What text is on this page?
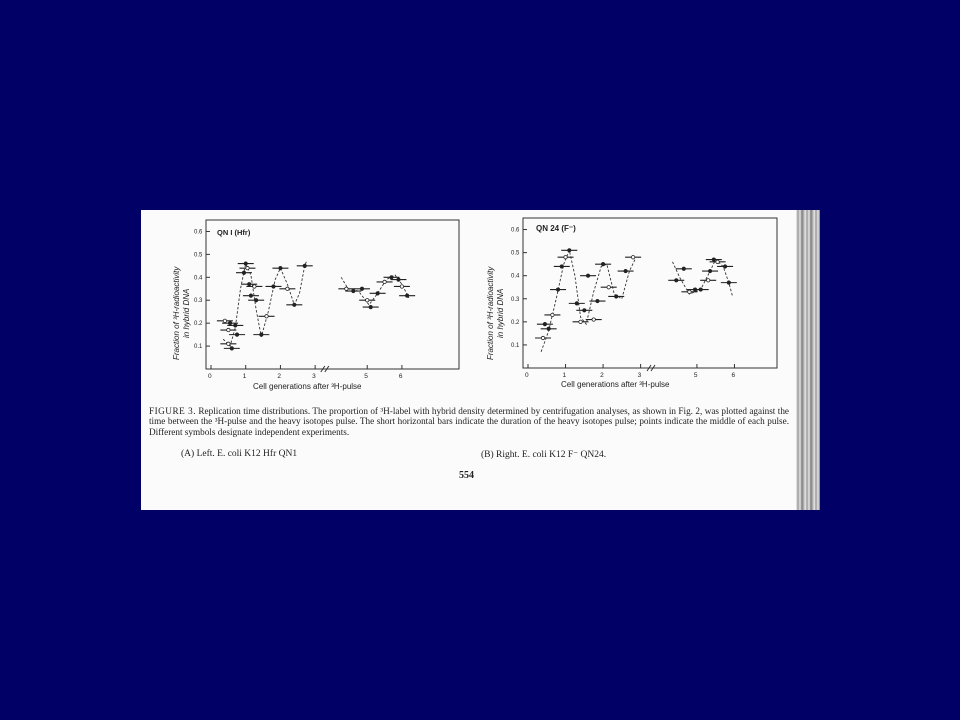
QN I (Hfr)
Fraction of ³H-radioactivity in hybrid DNA
Cell generations after ³H-pulse
0	1	2	3	5	6
0.1
0.2
0.3
0.4
0.5
0.6	QN 24 (F⁻)
Fraction of ³H-radioactivity in hybrid DNA
Cell generations after ³H-pulse
0	1	2	3	5	6
0.1
0.2
0.3
0.4
0.5
0.6
FIGURE 3. Replication time distributions. The proportion of ³H-label with hybrid density determined by centrifugation analyses, as shown in Fig. 2, was plotted against the time between the ³H-pulse and the heavy isotopes pulse. The short horizontal bars indicate the duration of the heavy isotopes pulse; points indicate the middle of each pulse. Different symbols designate independent experiments.
(A) Left. E. coli K12 Hfr QN1	(B) Right. E. coli K12 F⁻ QN24.
554
